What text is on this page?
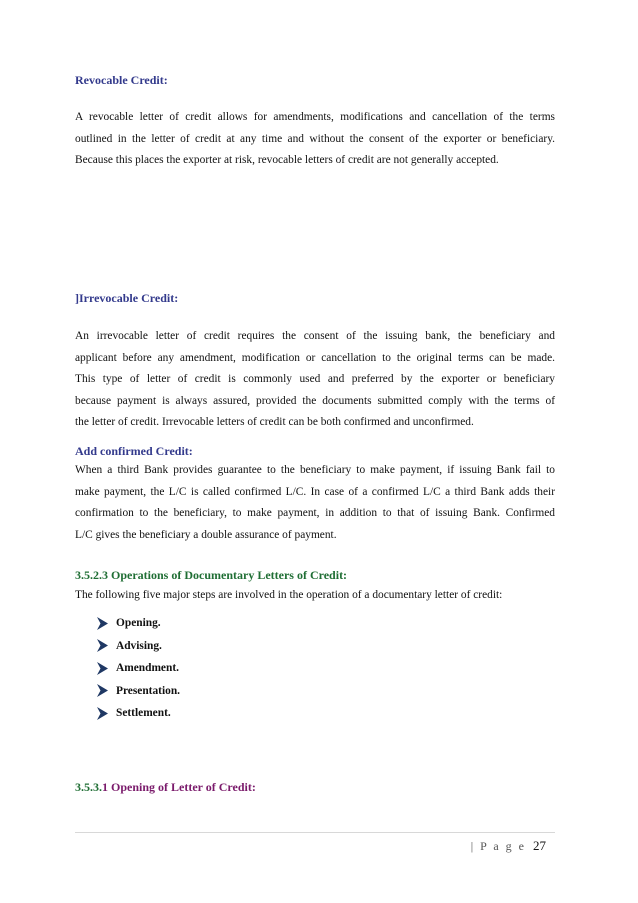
Revocable Credit:
A revocable letter of credit allows for amendments, modifications and cancellation of the terms
outlined in the letter of credit at any time and without the consent of the exporter or beneficiary.
Because this places the exporter at risk, revocable letters of credit are not generally accepted.
]Irrevocable Credit:
An irrevocable letter of credit requires the consent of the issuing bank, the beneficiary and
applicant before any amendment, modification or cancellation to the original terms can be made.
This type of letter of credit is commonly used and preferred by the exporter or beneficiary
because payment is always assured, provided the documents submitted comply with the terms of
the letter of credit. Irrevocable letters of credit can be both confirmed and unconfirmed.
Add confirmed Credit:
When a third Bank provides guarantee to the beneficiary to make payment, if issuing Bank fail to
make payment, the L/C is called confirmed L/C. In case of a confirmed L/C a third Bank adds their
confirmation to the beneficiary, to make payment, in addition to that of issuing Bank. Confirmed
L/C gives the beneficiary a double assurance of payment.
3.5.2.3 Operations of Documentary Letters of Credit:
The following five major steps are involved in the operation of a documentary letter of credit:
Opening.
Advising.
Amendment.
Presentation.
Settlement.
3.5.3.1 Opening of Letter of Credit:
| P a g e 27
